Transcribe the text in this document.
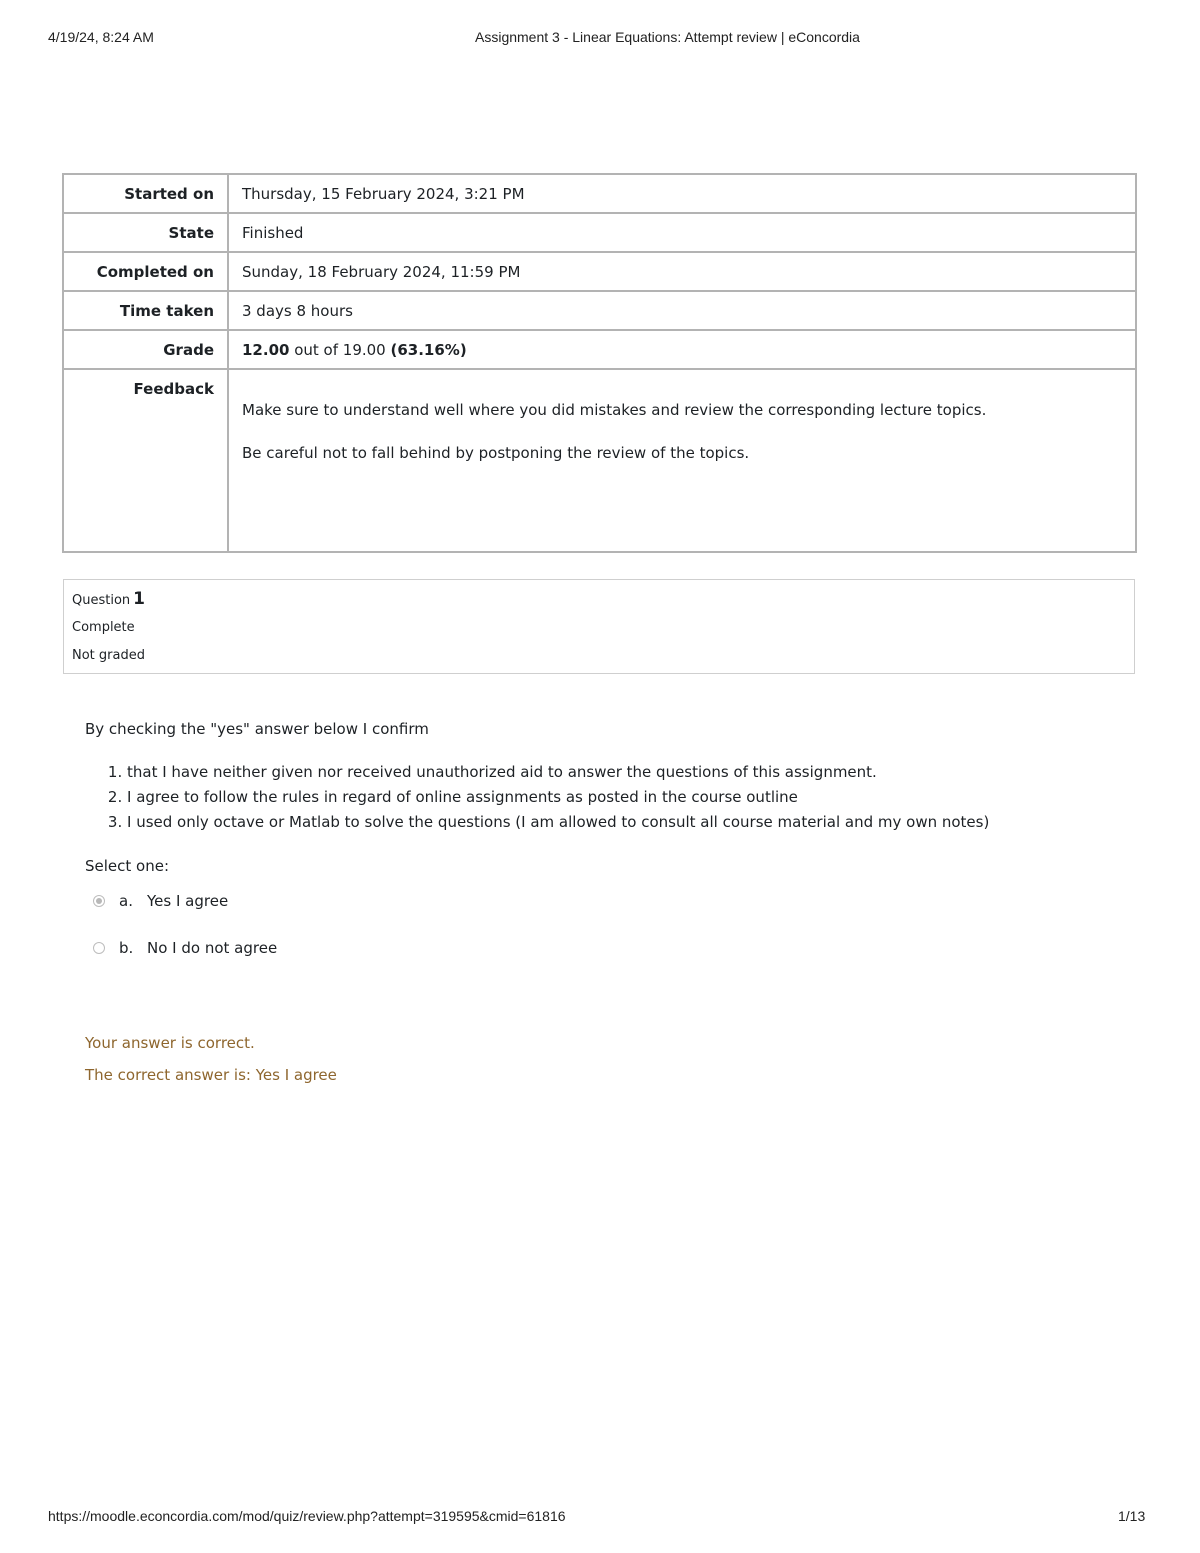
4/19/24, 8:24 AM	Assignment 3 - Linear Equations: Attempt review | eConcordia
Started on	Thursday, 15 February 2024, 3:21 PM
State	Finished
Completed on	Sunday, 18 February 2024, 11:59 PM
Time taken	3 days 8 hours
Grade	12.00 out of 19.00 (63.16%)
Feedback	Make sure to understand well where you did mistakes and review the corresponding lecture topics.

Be careful not to fall behind by postponing the review of the topics.

Question 1
Complete
Not graded

By checking the "yes" answer below I confirm

1. that I have neither given nor received unauthorized aid to answer the questions of this assignment.
2. I agree to follow the rules in regard of online assignments as posted in the course outline
3. I used only octave or Matlab to solve the questions (I am allowed to consult all course material and my own notes)

Select one:

a. Yes I agree
b. No I do not agree

Your answer is correct.

The correct answer is: Yes I agree

https://moodle.econcordia.com/mod/quiz/review.php?attempt=319595&cmid=61816	1/13
